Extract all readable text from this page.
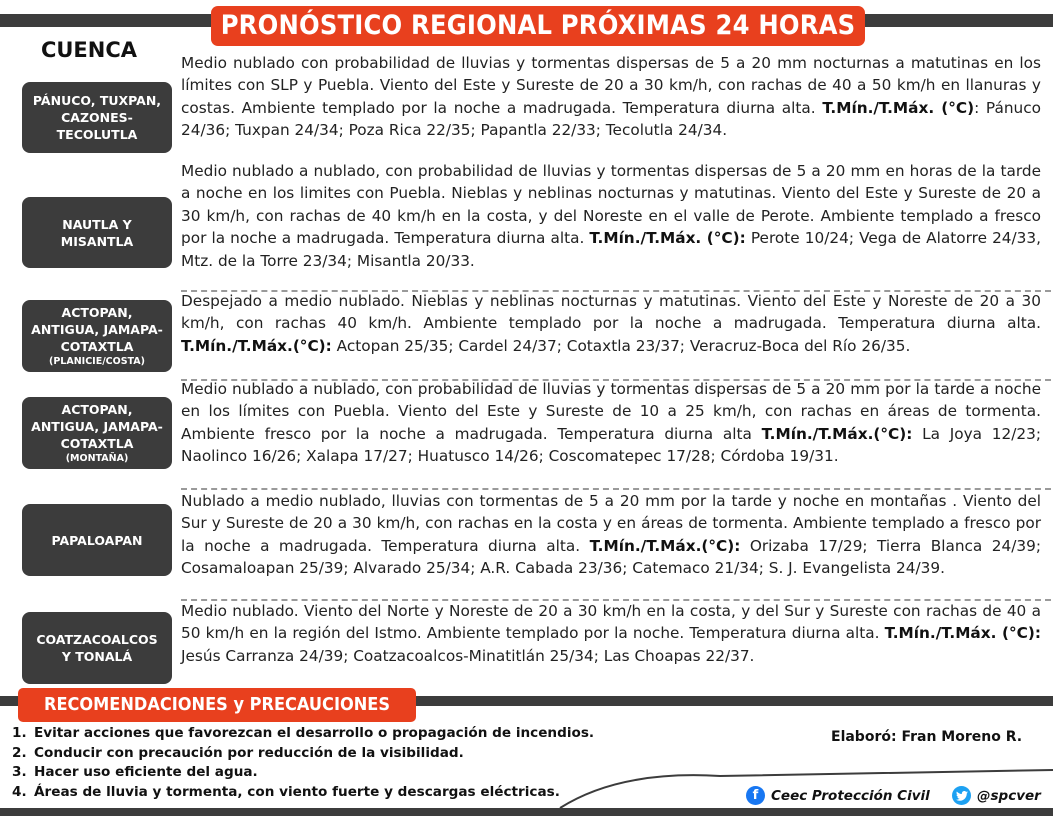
PRONÓSTICO REGIONAL PRÓXIMAS 24 HORAS
CUENCA
PÁNUCO, TUXPAN,
CAZONES-
TECOLUTLA

Medio nublado con probabilidad de lluvias y tormentas dispersas de 5 a 20 mm nocturnas a matutinas en los límites con SLP y Puebla. Viento del Este y Sureste de 20 a 30 km/h, con rachas de 40 a 50 km/h en llanuras y costas. Ambiente templado por la noche a madrugada. Temperatura diurna alta. T.Mín./T.Máx. (°C): Pánuco 24/36; Tuxpan 24/34; Poza Rica 22/35; Papantla 22/33; Tecolutla 24/34.

NAUTLA Y
MISANTLA

Medio nublado a nublado, con probabilidad de lluvias y tormentas dispersas de 5 a 20 mm en horas de la tarde a noche en los limites con Puebla. Nieblas y neblinas nocturnas y matutinas. Viento del Este y Sureste de 20 a 30 km/h, con rachas de 40 km/h en la costa, y del Noreste en el valle de Perote. Ambiente templado a fresco por la noche a madrugada. Temperatura diurna alta. T.Mín./T.Máx. (°C): Perote 10/24; Vega de Alatorre 24/33, Mtz. de la Torre 23/34; Misantla 20/33.

ACTOPAN,
ANTIGUA, JAMAPA-
COTAXTLA
(PLANICIE/COSTA)

Despejado a medio nublado. Nieblas y neblinas nocturnas y matutinas. Viento del Este y Noreste de 20 a 30 km/h, con rachas 40 km/h. Ambiente templado por la noche a madrugada. Temperatura diurna alta. T.Mín./T.Máx.(°C): Actopan 25/35; Cardel 24/37; Cotaxtla 23/37; Veracruz-Boca del Río 26/35.

ACTOPAN,
ANTIGUA, JAMAPA-
COTAXTLA
(MONTAÑA)

Medio nublado a nublado, con probabilidad de lluvias y tormentas dispersas de 5 a 20 mm por la tarde a noche en los límites con Puebla. Viento del Este y Sureste de 10 a 25 km/h, con rachas en áreas de tormenta. Ambiente fresco por la noche a madrugada. Temperatura diurna alta T.Mín./T.Máx.(°C): La Joya 12/23; Naolinco 16/26; Xalapa 17/27; Huatusco 14/26; Coscomatepec 17/28; Córdoba 19/31.

PAPALOAPAN

Nublado a medio nublado, lluvias con tormentas de 5 a 20 mm por la tarde y noche en montañas . Viento del Sur y Sureste de 20 a 30 km/h, con rachas en la costa y en áreas de tormenta. Ambiente templado a fresco por la noche a madrugada. Temperatura diurna alta. T.Mín./T.Máx.(°C): Orizaba 17/29; Tierra Blanca 24/39; Cosamaloapan 25/39; Alvarado 25/34; A.R. Cabada 23/36; Catemaco 21/34; S. J. Evangelista 24/39.

COATZACOALCOS
Y TONALÁ

Medio nublado. Viento del Norte y Noreste de 20 a 30 km/h en la costa, y del Sur y Sureste con rachas de 40 a 50 km/h en la región del Istmo. Ambiente templado por la noche. Temperatura diurna alta. T.Mín./T.Máx. (°C): Jesús Carranza 24/39; Coatzacoalcos-Minatitlán 25/34; Las Choapas 22/37.

RECOMENDACIONES y PRECAUCIONES
1. Evitar acciones que favorezcan el desarrollo o propagación de incendios.
2. Conducir con precaución por reducción de la visibilidad.
3. Hacer uso eficiente del agua.
4. Áreas de lluvia y tormenta, con viento fuerte y descargas eléctricas.
Elaboró: Fran Moreno R.
f Ceec Protección Civil	@spcver
